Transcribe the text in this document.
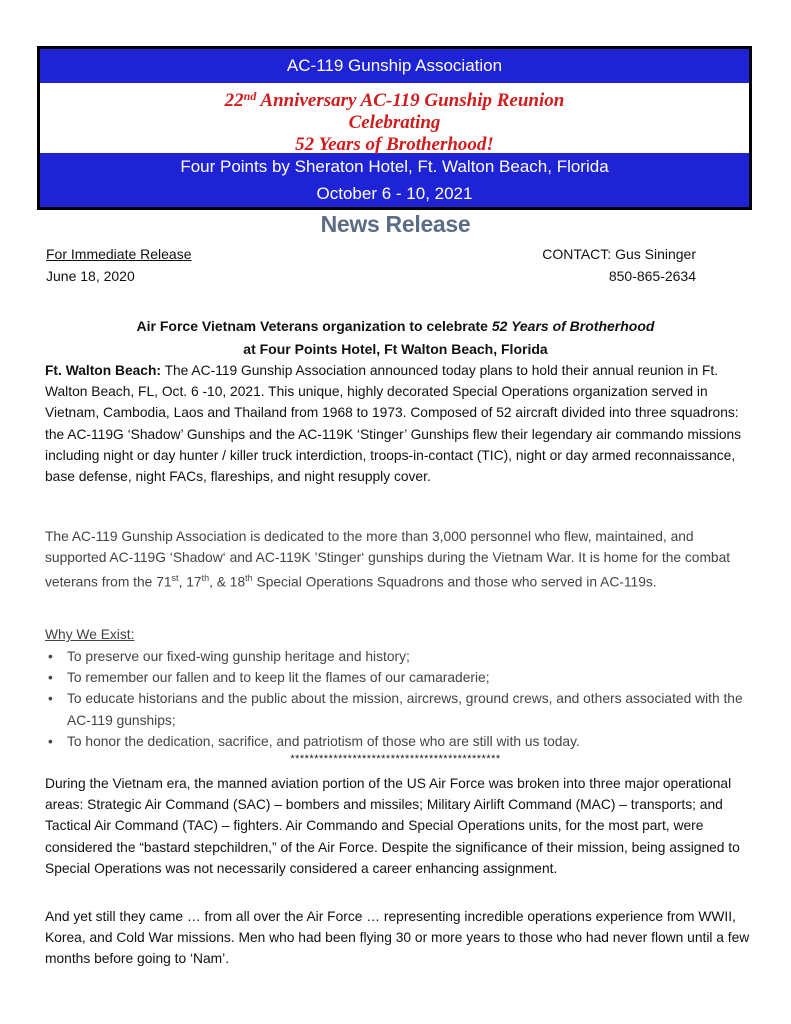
AC-119 Gunship Association
22nd Anniversary AC-119 Gunship Reunion
Celebrating
52 Years of Brotherhood!
Four Points by Sheraton Hotel, Ft. Walton Beach, Florida
October 6 - 10, 2021
News Release
For Immediate Release
June 18, 2020
CONTACT: Gus Sininger
850-865-2634
Air Force Vietnam Veterans organization to celebrate 52 Years of Brotherhood
at Four Points Hotel, Ft Walton Beach, Florida
Ft. Walton Beach: The AC-119 Gunship Association announced today plans to hold their annual reunion in Ft. Walton Beach, FL, Oct. 6 -10, 2021. This unique, highly decorated Special Operations organization served in Vietnam, Cambodia, Laos and Thailand from 1968 to 1973. Composed of 52 aircraft divided into three squadrons: the AC-119G ‘Shadow’ Gunships and the AC-119K ‘Stinger’ Gunships flew their legendary air commando missions including night or day hunter / killer truck interdiction, troops-in-contact (TIC), night or day armed reconnaissance, base defense, night FACs, flareships, and night resupply cover.
The AC-119 Gunship Association is dedicated to the more than 3,000 personnel who flew, maintained, and supported AC-119G ‘Shadow‘ and AC-119K ’Stinger‘ gunships during the Vietnam War. It is home for the combat veterans from the 71st, 17th, & 18th Special Operations Squadrons and those who served in AC-119s.
Why We Exist:
• To preserve our fixed-wing gunship heritage and history;
• To remember our fallen and to keep lit the flames of our camaraderie;
• To educate historians and the public about the mission, aircrews, ground crews, and others associated with the AC-119 gunships;
• To honor the dedication, sacrifice, and patriotism of those who are still with us today.
********************************************
During the Vietnam era, the manned aviation portion of the US Air Force was broken into three major operational areas: Strategic Air Command (SAC) – bombers and missiles; Military Airlift Command (MAC) – transports; and Tactical Air Command (TAC) – fighters. Air Commando and Special Operations units, for the most part, were considered the “bastard stepchildren,” of the Air Force. Despite the significance of their mission, being assigned to Special Operations was not necessarily considered a career enhancing assignment.
And yet still they came … from all over the Air Force … representing incredible operations experience from WWII, Korea, and Cold War missions. Men who had been flying 30 or more years to those who had never flown until a few months before going to ‘Nam’.
